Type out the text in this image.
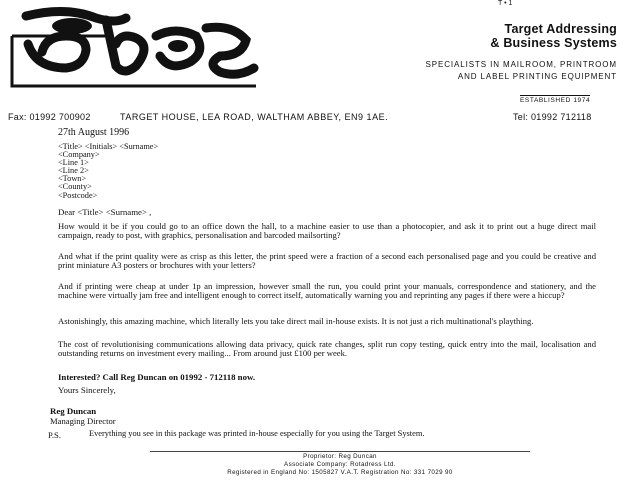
T • 1
Target Addressing
& Business Systems
SPECIALISTS IN MAILROOM, PRINTROOM
AND LABEL PRINTING EQUIPMENT
ESTABLISHED 1974
Fax: 01992 700902	TARGET HOUSE, LEA ROAD, WALTHAM ABBEY, EN9 1AE.	Tel: 01992 712118
27th August 1996
<Title> <Initials> <Surname>
<Company>
<Line 1>
<Line 2>
<Town>
<County>
<Postcode>
Dear <Title> <Surname> ,
How would it be if you could go to an office down the hall, to a machine easier to use than a photocopier, and ask it to print out a huge direct mail campaign, ready to post, with graphics, personalisation and barcoded mailsorting?
And what if the print quality were as crisp as this letter, the print speed were a fraction of a second each personalised page and you could be creative and print miniature A3 posters or brochures with your letters?
And if printing were cheap at under 1p an impression, however small the run, you could print your manuals, correspondence and stationery, and the machine were virtually jam free and intelligent enough to correct itself, automatically warning you and reprinting any pages if there were a hiccup?
Astonishingly, this amazing machine, which literally lets you take direct mail in-house exists. It is not just a rich multinational's plaything.
The cost of revolutionising communications allowing data privacy, quick rate changes, split run copy testing, quick entry into the mail, localisation and outstanding returns on investment every mailing... From around just £100 per week.
Interested? Call Reg Duncan on 01992 - 712118 now.
Yours Sincerely,
Reg Duncan
Managing Director
P.S.	Everything you see in this package was printed in-house especially for you using the Target System.
Proprietor: Reg Duncan
Associate Company: Rotadress Ltd.
Registered in England No: 1505827 V.A.T. Registration No: 331 7029 90
